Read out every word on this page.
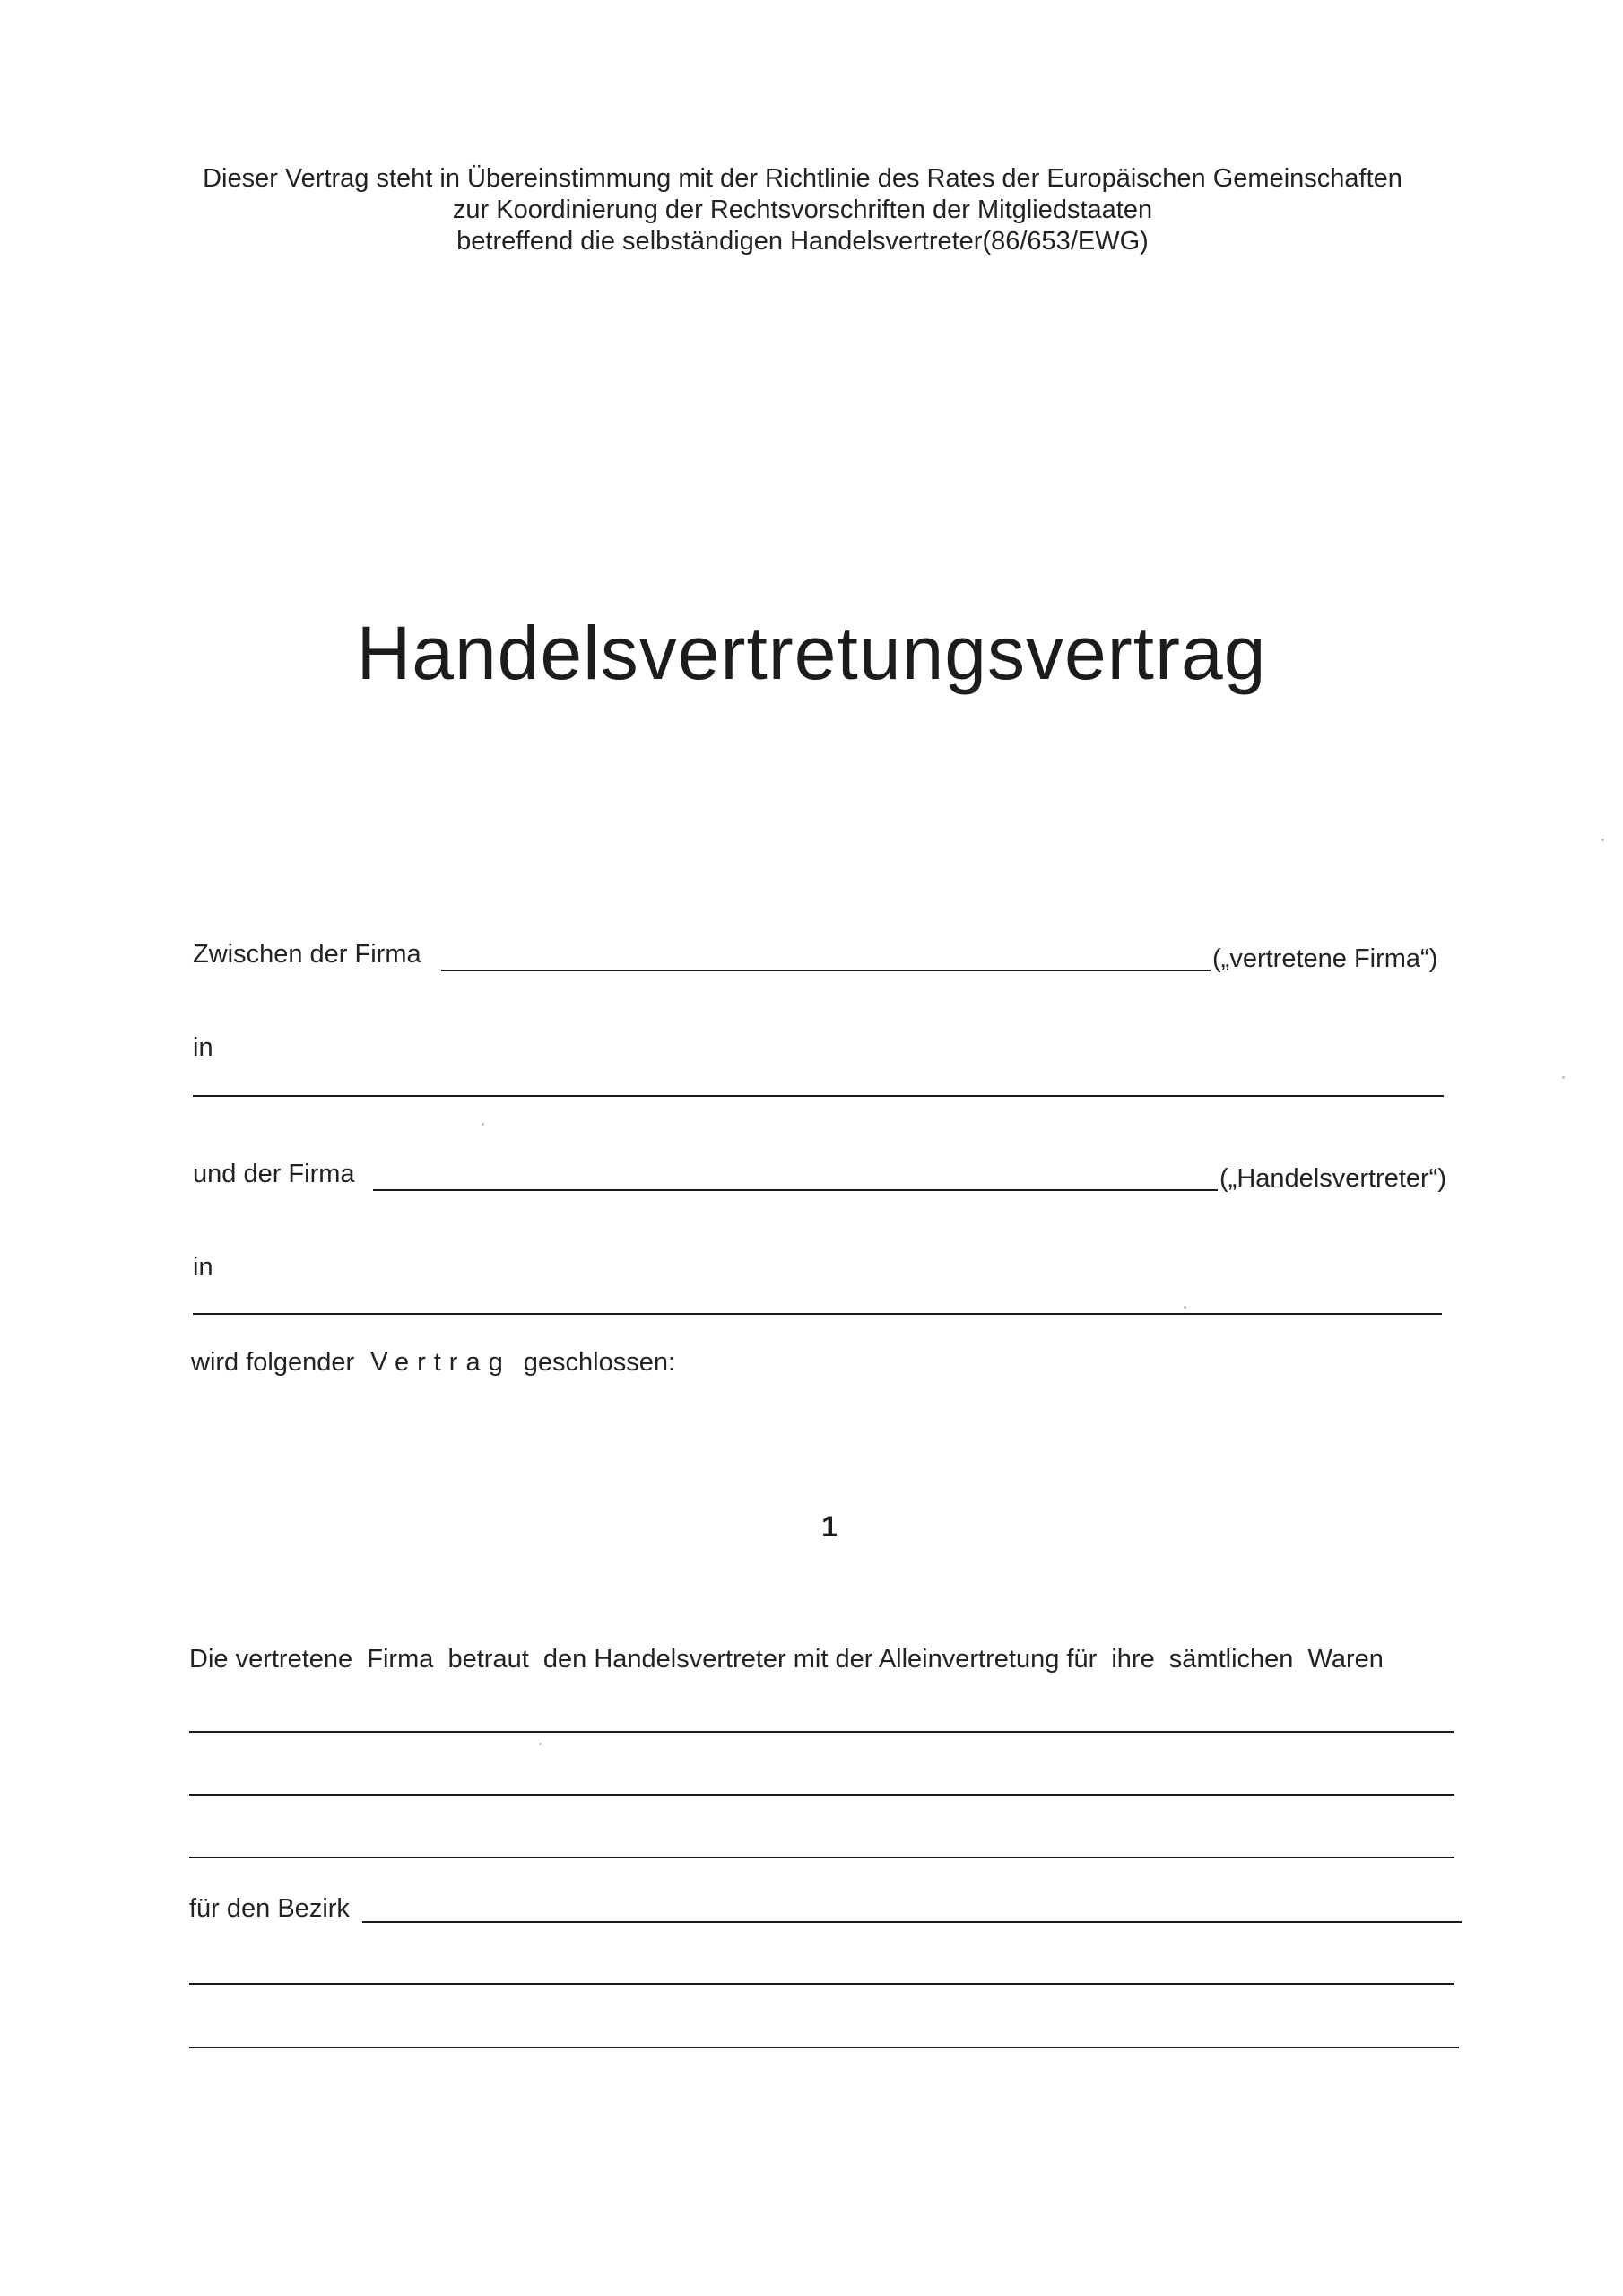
Dieser Vertrag steht in Übereinstimmung mit der Richtlinie des Rates der Europäischen Gemeinschaften
zur Koordinierung der Rechtsvorschriften der Mitgliedstaaten
betreffend die selbständigen Handelsvertreter(86/653/EWG)
Handelsvertretungsvertrag
Zwischen der Firma	(„vertretene Firma“)
in
und der Firma	(„Handelsvertreter“)
in
wird folgender Vertrag geschlossen:
1
Die vertretene  Firma  betraut  den Handelsvertreter mit der Alleinvertretung für  ihre  sämtlichen  Waren
für den Bezirk
